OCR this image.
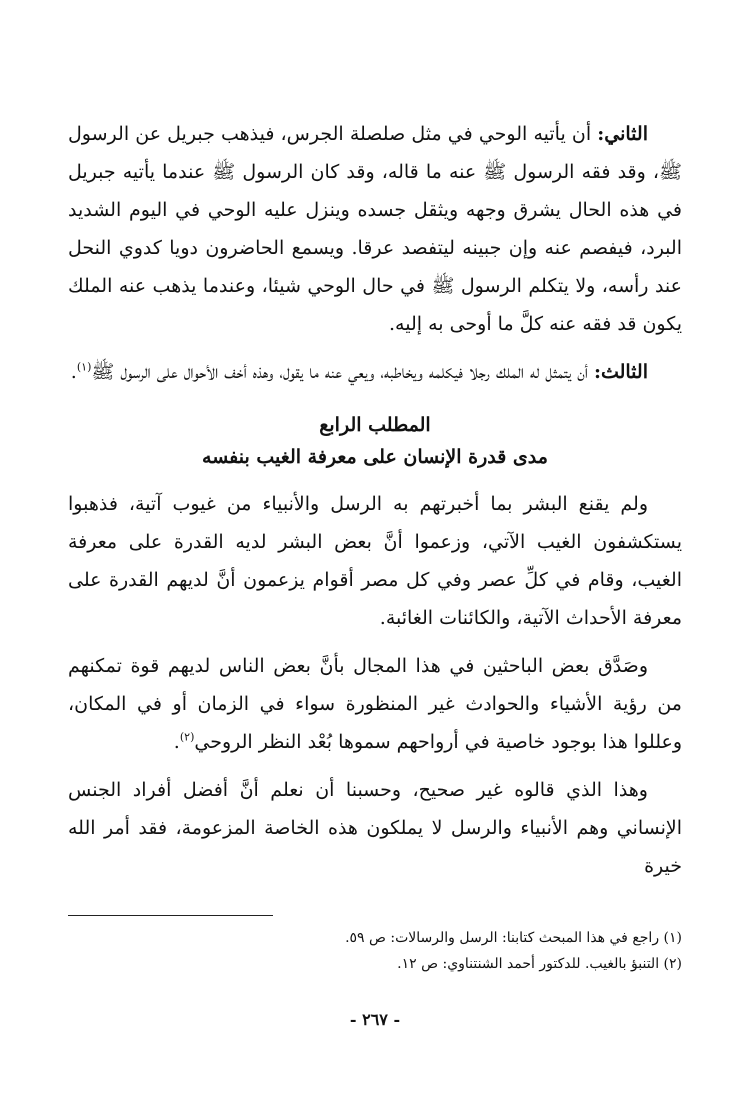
الثاني: أن يأتيه الوحي في مثل صلصلة الجرس، فيذهب جبريل عن الرسول ﷺ، وقد فقه الرسول ﷺ عنه ما قاله، وقد كان الرسول ﷺ عندما يأتيه جبريل في هذه الحال يشرق وجهه ويثقل جسده وينزل عليه الوحي في اليوم الشديد البرد، فيفصم عنه وإن جبينه ليتفصد عرقا. ويسمع الحاضرون دويا كدوي النحل عند رأسه، ولا يتكلم الرسول ﷺ في حال الوحي شيئا، وعندما يذهب عنه الملك يكون قد فقه عنه كلَّ ما أوحى به إليه.

الثالث: أن يتمثل له الملك رجلا فيكلمه ويخاطبه، ويعي عنه ما يقول، وهذه أخف الأحوال على الرسول ﷺ$^{(١)}$.

المطلب الرابع
مدى قدرة الإنسان على معرفة الغيب بنفسه

ولم يقنع البشر بما أخبرتهم به الرسل والأنبياء من غيوب آتية، فذهبوا يستكشفون الغيب الآتي، وزعموا أنَّ بعض البشر لديه القدرة على معرفة الغيب، وقام في كلِّ عصر وفي كل مصر أقوام يزعمون أنَّ لديهم القدرة على معرفة الأحداث الآتية، والكائنات الغائبة.

وصَدَّق بعض الباحثين في هذا المجال بأنَّ بعض الناس لديهم قوة تمكنهم من رؤية الأشياء والحوادث غير المنظورة سواء في الزمان أو في المكان، وعللوا هذا بوجود خاصية في أرواحهم سموها بُعْد النظر الروحي$^{(٢)}$.

وهذا الذي قالوه غير صحيح، وحسبنا أن نعلم أنَّ أفضل أفراد الجنس الإنساني وهم الأنبياء والرسل لا يملكون هذه الخاصة المزعومة، فقد أمر الله خيرة

(١) راجع في هذا المبحث كتابنا: الرسل والرسالات: ص ٥٩.
(٢) التنبؤ بالغيب. للدكتور أحمد الشنتناوي: ص ١٢.
- ٢٦٧ -
